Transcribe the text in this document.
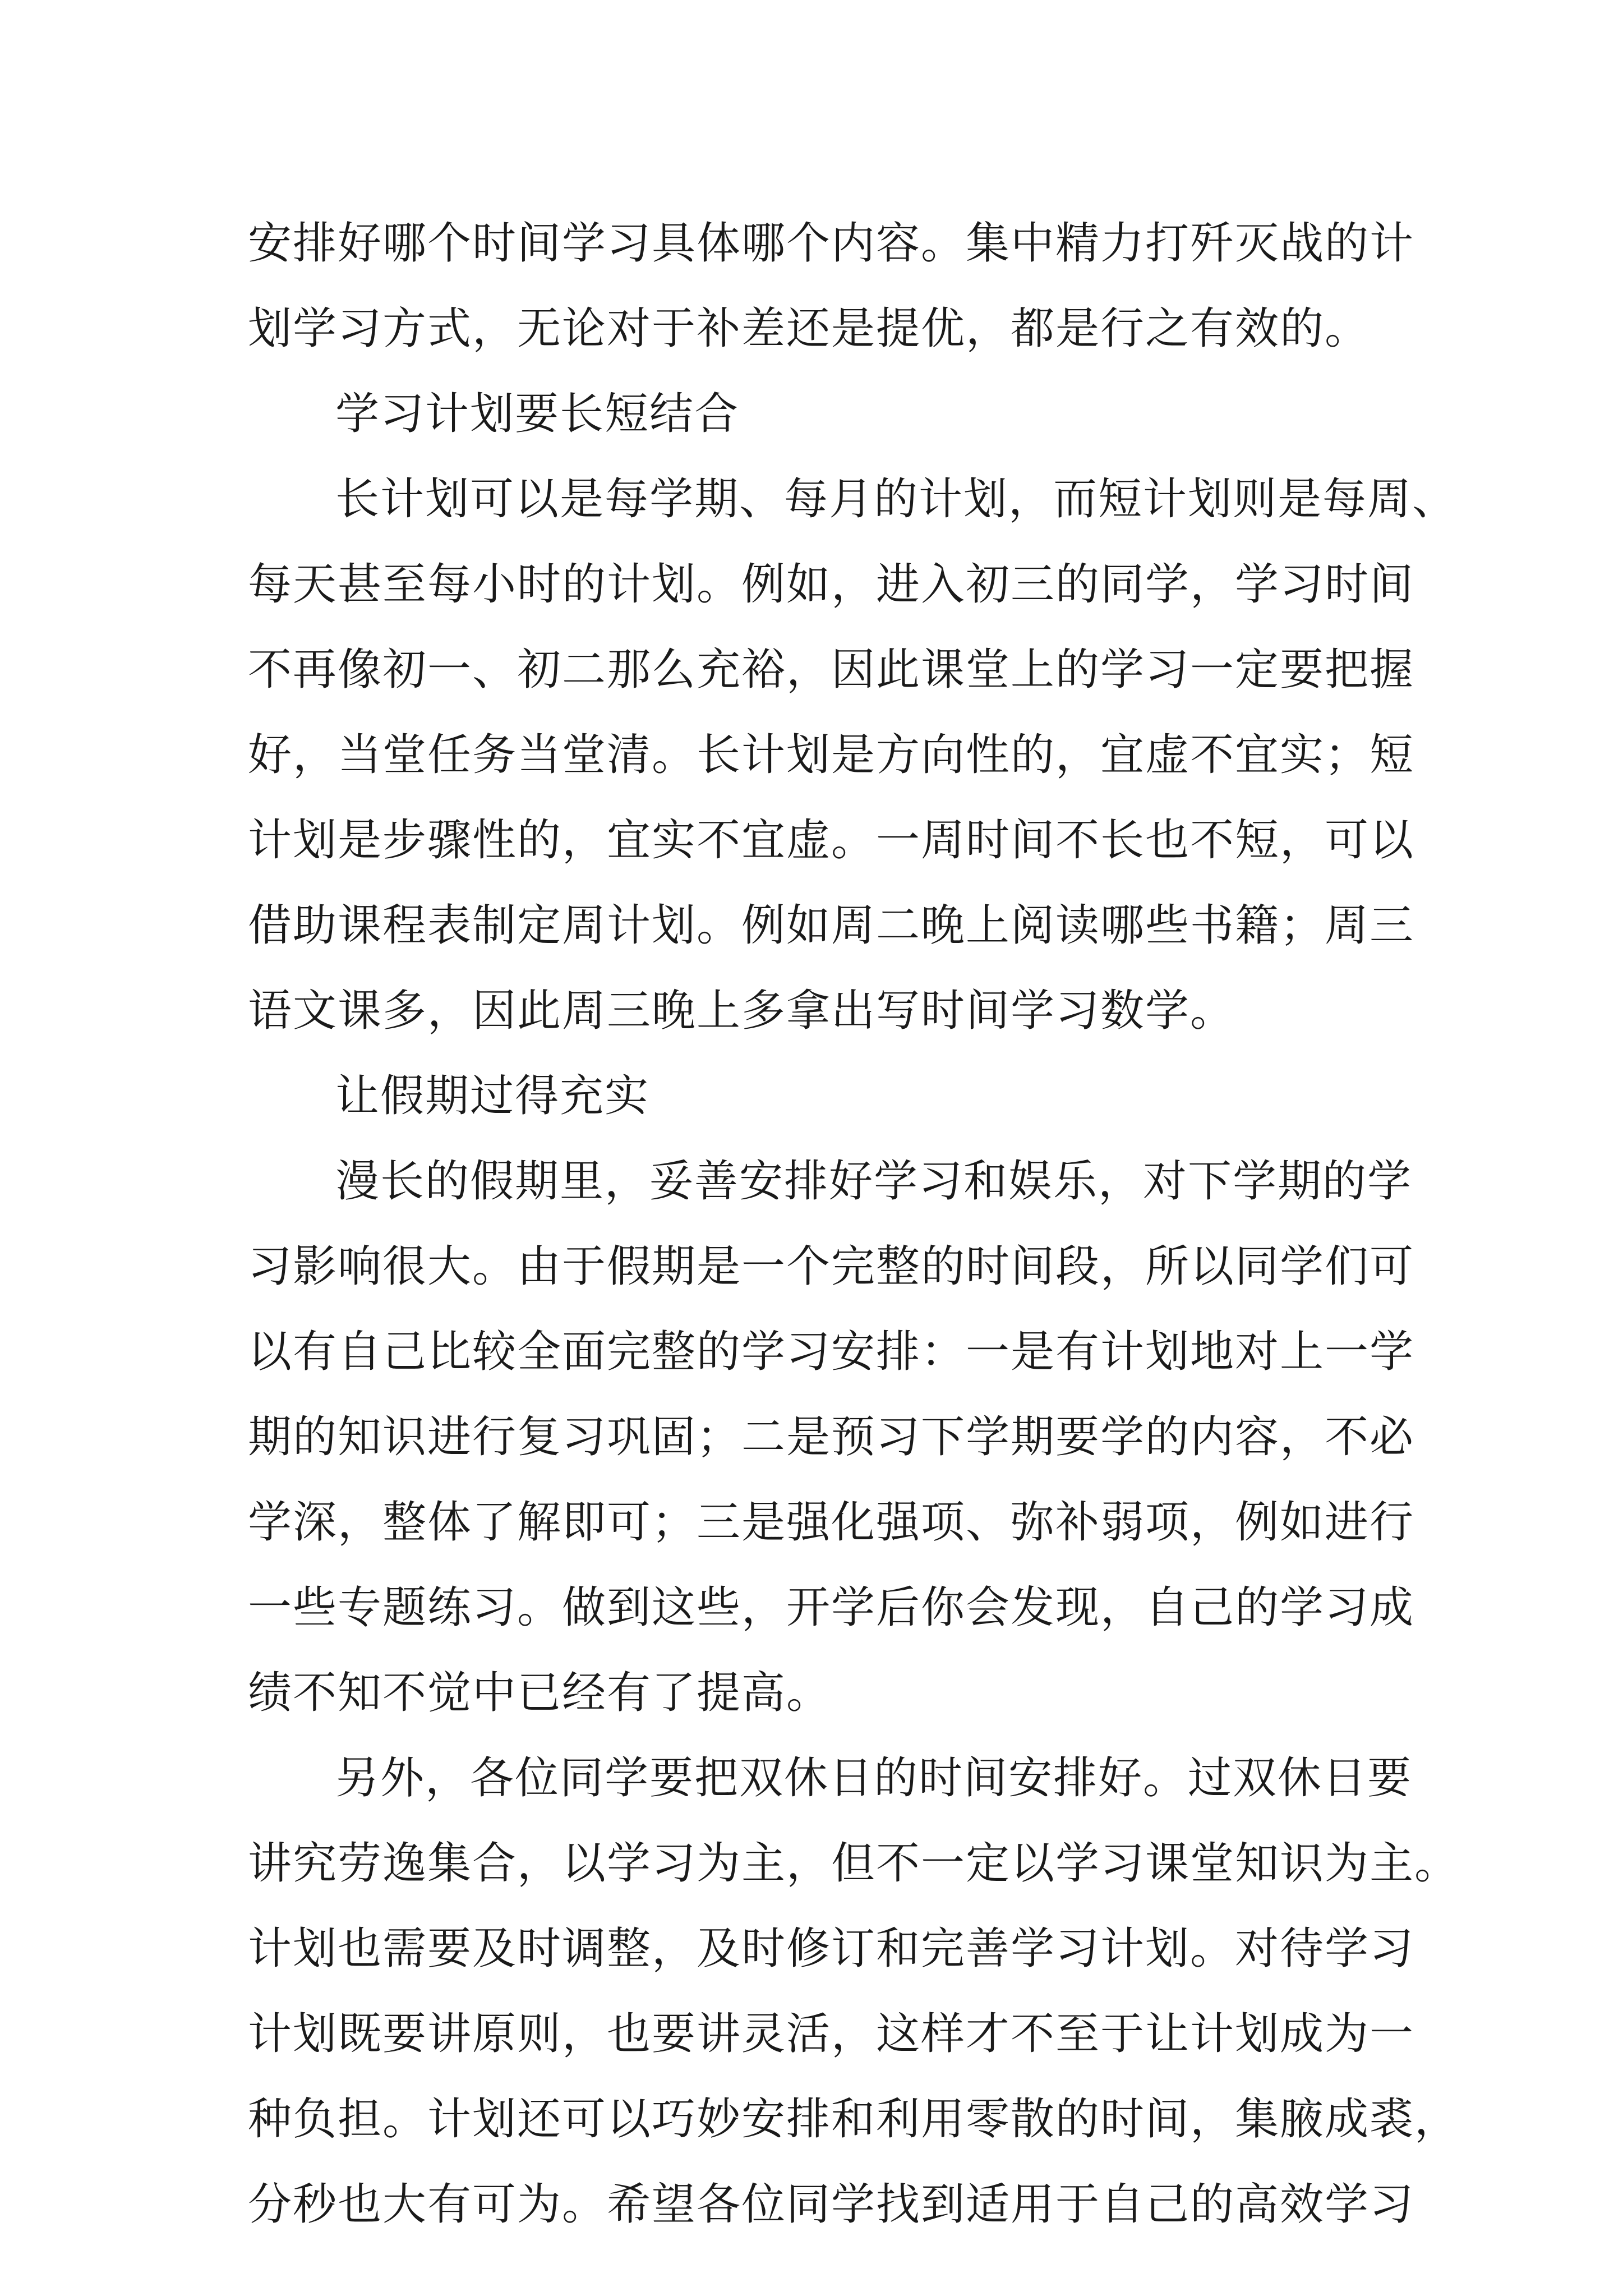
安排好哪个时间学习具体哪个内容。集中精力打歼灭战的计
划学习方式，无论对于补差还是提优，都是行之有效的。
学习计划要长短结合
长计划可以是每学期、每月的计划，而短计划则是每周、
每天甚至每小时的计划。例如，进入初三的同学，学习时间
不再像初一、初二那么充裕，因此课堂上的学习一定要把握
好，当堂任务当堂清。长计划是方向性的，宜虚不宜实；短
计划是步骤性的，宜实不宜虚。一周时间不长也不短，可以
借助课程表制定周计划。例如周二晚上阅读哪些书籍；周三
语文课多，因此周三晚上多拿出写时间学习数学。
让假期过得充实
漫长的假期里，妥善安排好学习和娱乐，对下学期的学
习影响很大。由于假期是一个完整的时间段，所以同学们可
以有自己比较全面完整的学习安排：一是有计划地对上一学
期的知识进行复习巩固；二是预习下学期要学的内容，不必
学深，整体了解即可；三是强化强项、弥补弱项，例如进行
一些专题练习。做到这些，开学后你会发现，自己的学习成
绩不知不觉中已经有了提高。
另外，各位同学要把双休日的时间安排好。过双休日要
讲究劳逸集合，以学习为主，但不一定以学习课堂知识为主。
计划也需要及时调整，及时修订和完善学习计划。对待学习
计划既要讲原则，也要讲灵活，这样才不至于让计划成为一
种负担。计划还可以巧妙安排和利用零散的时间，集腋成裘，
分秒也大有可为。希望各位同学找到适用于自己的高效学习
